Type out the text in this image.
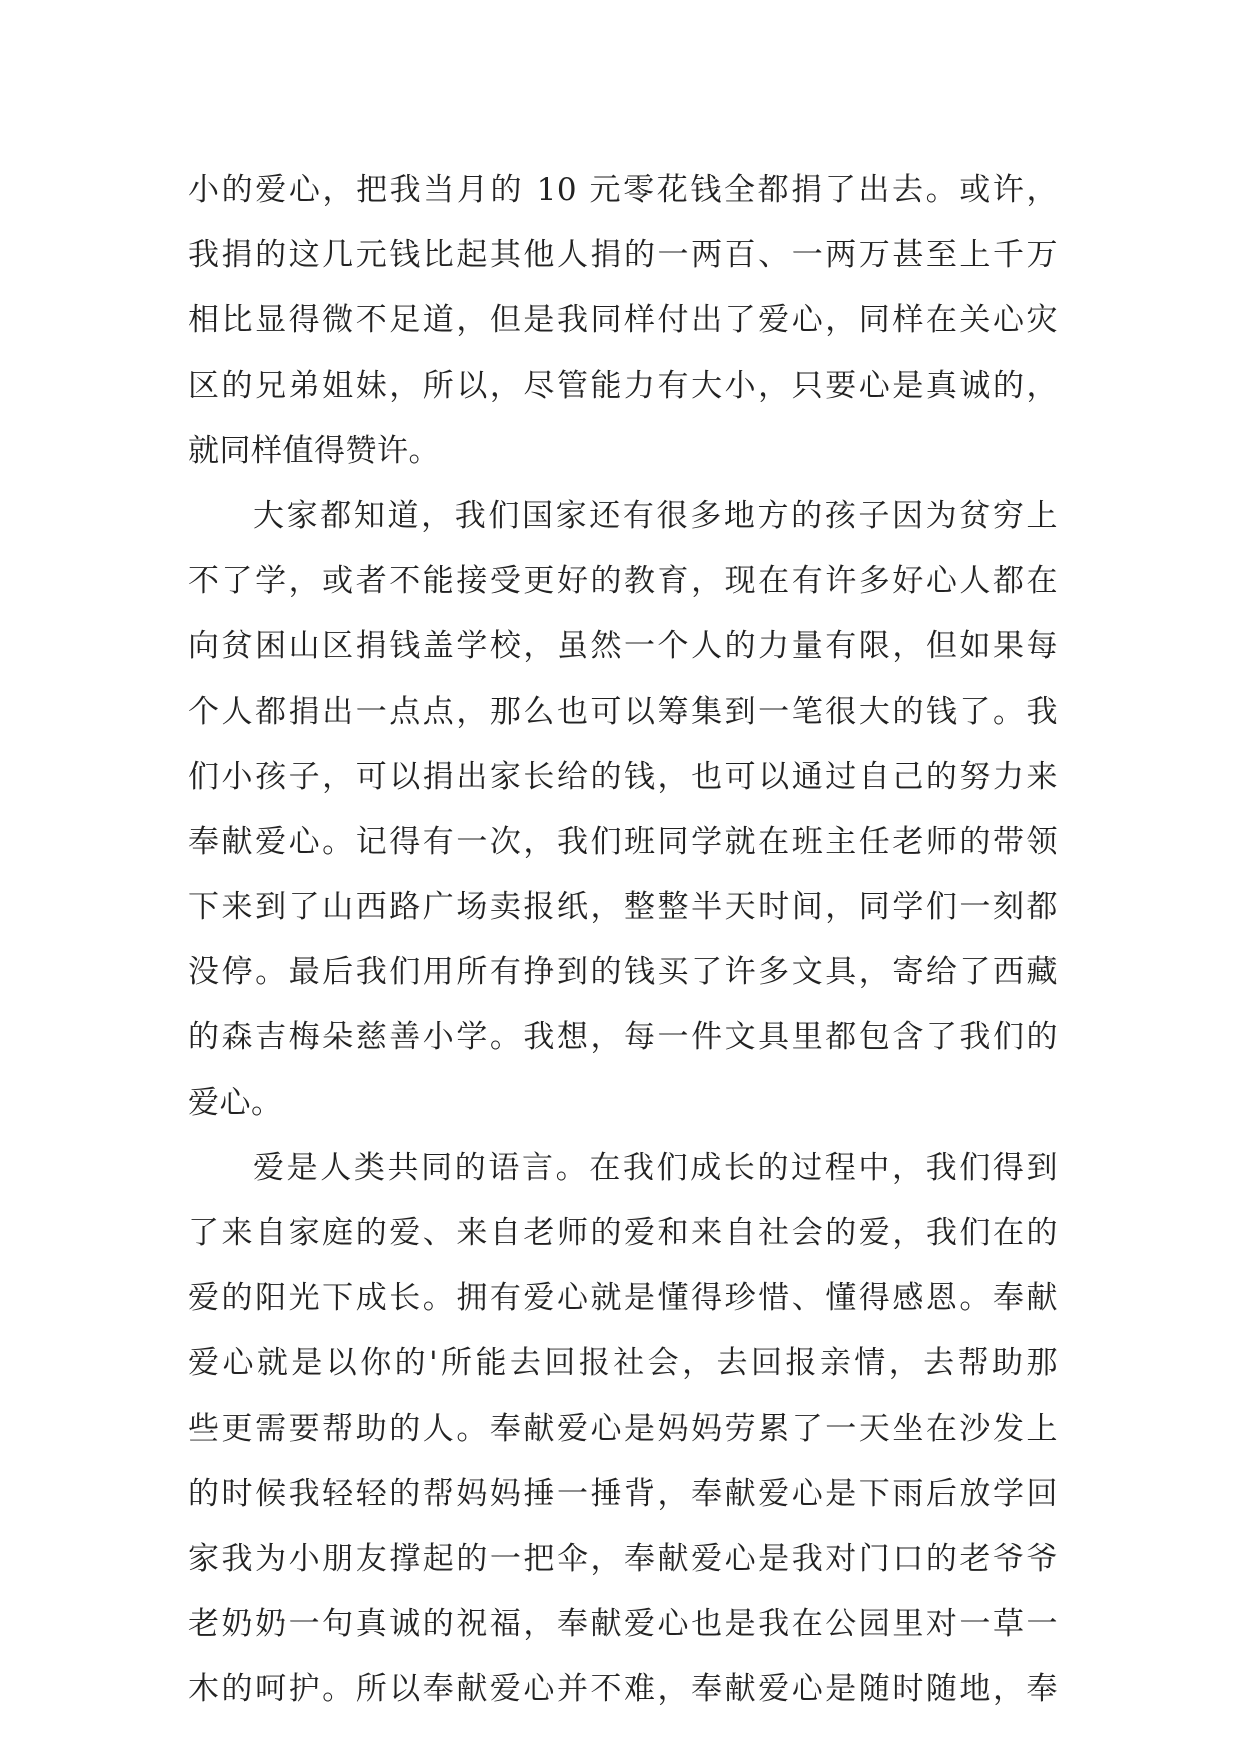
小的爱心，把我当月的 10 元零花钱全都捐了出去。或许，
我捐的这几元钱比起其他人捐的一两百、一两万甚至上千万
相比显得微不足道，但是我同样付出了爱心，同样在关心灾
区的兄弟姐妹，所以，尽管能力有大小，只要心是真诚的，
就同样值得赞许。
大家都知道，我们国家还有很多地方的孩子因为贫穷上
不了学，或者不能接受更好的教育，现在有许多好心人都在
向贫困山区捐钱盖学校，虽然一个人的力量有限，但如果每
个人都捐出一点点，那么也可以筹集到一笔很大的钱了。我
们小孩子，可以捐出家长给的钱，也可以通过自己的努力来
奉献爱心。记得有一次，我们班同学就在班主任老师的带领
下来到了山西路广场卖报纸，整整半天时间，同学们一刻都
没停。最后我们用所有挣到的钱买了许多文具，寄给了西藏
的森吉梅朵慈善小学。我想，每一件文具里都包含了我们的
爱心。
爱是人类共同的语言。在我们成长的过程中，我们得到
了来自家庭的爱、来自老师的爱和来自社会的爱，我们在的
爱的阳光下成长。拥有爱心就是懂得珍惜、懂得感恩。奉献
爱心就是以你的'所能去回报社会，去回报亲情，去帮助那
些更需要帮助的人。奉献爱心是妈妈劳累了一天坐在沙发上
的时候我轻轻的帮妈妈捶一捶背，奉献爱心是下雨后放学回
家我为小朋友撑起的一把伞，奉献爱心是我对门口的老爷爷
老奶奶一句真诚的祝福，奉献爱心也是我在公园里对一草一
木的呵护。所以奉献爱心并不难，奉献爱心是随时随地，奉
